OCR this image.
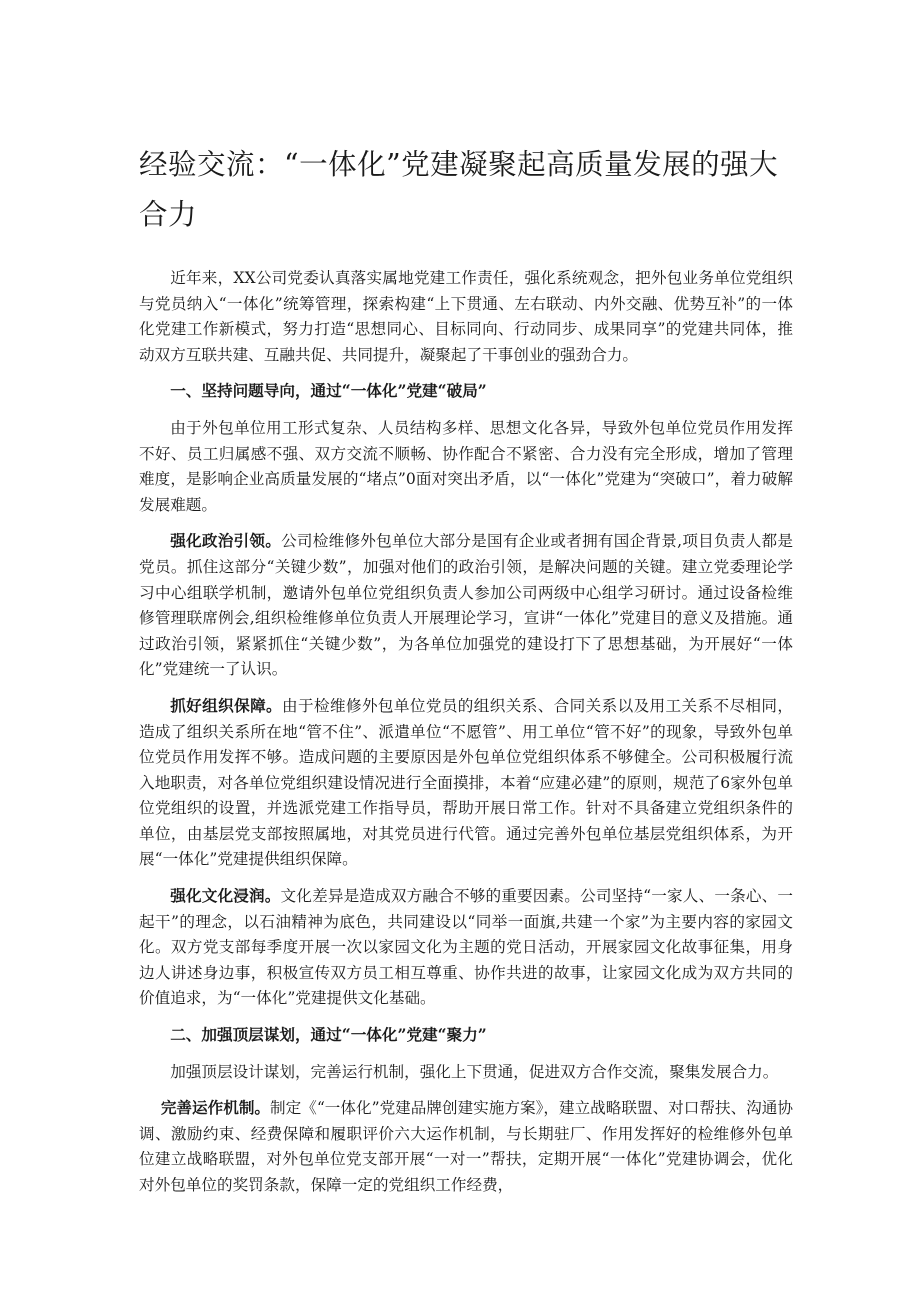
经验交流：“一体化”党建凝聚起高质量发展的强大合力

近年来，XX公司党委认真落实属地党建工作责任，强化系统观念，把外包业务单位党组织与党员纳入“一体化”统筹管理，探索构建“上下贯通、左右联动、内外交融、优势互补”的一体化党建工作新模式，努力打造“思想同心、目标同向、行动同步、成果同享”的党建共同体，推动双方互联共建、互融共促、共同提升，凝聚起了干事创业的强劲合力。

一、坚持问题导向，通过“一体化”党建“破局”

由于外包单位用工形式复杂、人员结构多样、思想文化各异，导致外包单位党员作用发挥不好、员工归属感不强、双方交流不顺畅、协作配合不紧密、合力没有完全形成，增加了管理难度，是影响企业高质量发展的“堵点”0面对突出矛盾，以“一体化”党建为“突破口”，着力破解发展难题。

强化政治引领。公司检维修外包单位大部分是国有企业或者拥有国企背景,项目负责人都是党员。抓住这部分“关键少数”，加强对他们的政治引领，是解决问题的关键。建立党委理论学习中心组联学机制，邀请外包单位党组织负责人参加公司两级中心组学习研讨。通过设备检维修管理联席例会,组织检维修单位负责人开展理论学习，宣讲“一体化”党建目的意义及措施。通过政治引领，紧紧抓住“关键少数”，为各单位加强党的建设打下了思想基础，为开展好“一体化”党建统一了认识。

抓好组织保障。由于检维修外包单位党员的组织关系、合同关系以及用工关系不尽相同，造成了组织关系所在地“管不住”、派遣单位“不愿管”、用工单位“管不好”的现象，导致外包单位党员作用发挥不够。造成问题的主要原因是外包单位党组织体系不够健全。公司积极履行流入地职责，对各单位党组织建设情况进行全面摸排，本着“应建必建”的原则，规范了6家外包单位党组织的设置，并选派党建工作指导员，帮助开展日常工作。针对不具备建立党组织条件的单位，由基层党支部按照属地，对其党员进行代管。通过完善外包单位基层党组织体系，为开展“一体化”党建提供组织保障。

强化文化浸润。文化差异是造成双方融合不够的重要因素。公司坚持“一家人、一条心、一起干”的理念，以石油精神为底色，共同建设以“同举一面旗,共建一个家”为主要内容的家园文化。双方党支部每季度开展一次以家园文化为主题的党日活动，开展家园文化故事征集，用身边人讲述身边事，积极宣传双方员工相互尊重、协作共进的故事，让家园文化成为双方共同的价值追求，为“一体化”党建提供文化基础。

二、加强顶层谋划，通过“一体化”党建“聚力”

加强顶层设计谋划，完善运行机制，强化上下贯通，促进双方合作交流，聚集发展合力。

完善运作机制。制定《“一体化”党建品牌创建实施方案》，建立战略联盟、对口帮扶、沟通协调、激励约束、经费保障和履职评价六大运作机制，与长期驻厂、作用发挥好的检维修外包单位建立战略联盟，对外包单位党支部开展“一对一”帮扶，定期开展“一体化”党建协调会，优化对外包单位的奖罚条款，保障一定的党组织工作经费，
